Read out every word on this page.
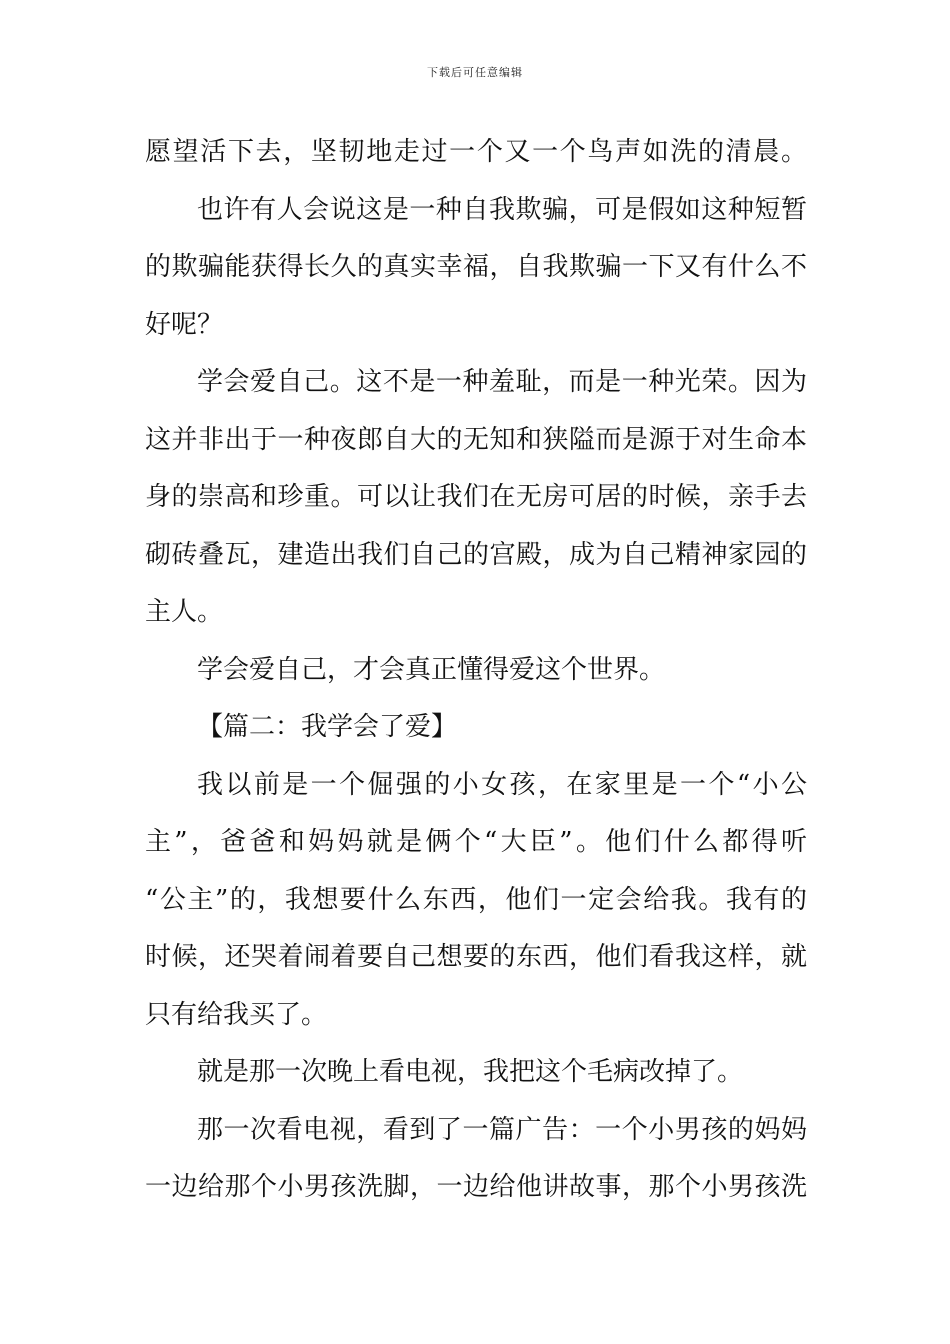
下载后可任意编辑
愿望活下去，坚韧地走过一个又一个鸟声如洗的清晨。
也许有人会说这是一种自我欺骗，可是假如这种短暂
的欺骗能获得长久的真实幸福，自我欺骗一下又有什么不
好呢？
学会爱自己。这不是一种羞耻，而是一种光荣。因为
这并非出于一种夜郎自大的无知和狭隘而是源于对生命本
身的崇高和珍重。可以让我们在无房可居的时候，亲手去
砌砖叠瓦，建造出我们自己的宫殿，成为自己精神家园的
主人。
学会爱自己，才会真正懂得爱这个世界。
【篇二：我学会了爱】
我以前是一个倔强的小女孩，在家里是一个“小公
主”，爸爸和妈妈就是俩个“大臣”。他们什么都得听
“公主”的，我想要什么东西，他们一定会给我。我有的
时候，还哭着闹着要自己想要的东西，他们看我这样，就
只有给我买了。
就是那一次晚上看电视，我把这个毛病改掉了。
那一次看电视，看到了一篇广告：一个小男孩的妈妈
一边给那个小男孩洗脚，一边给他讲故事，那个小男孩洗
